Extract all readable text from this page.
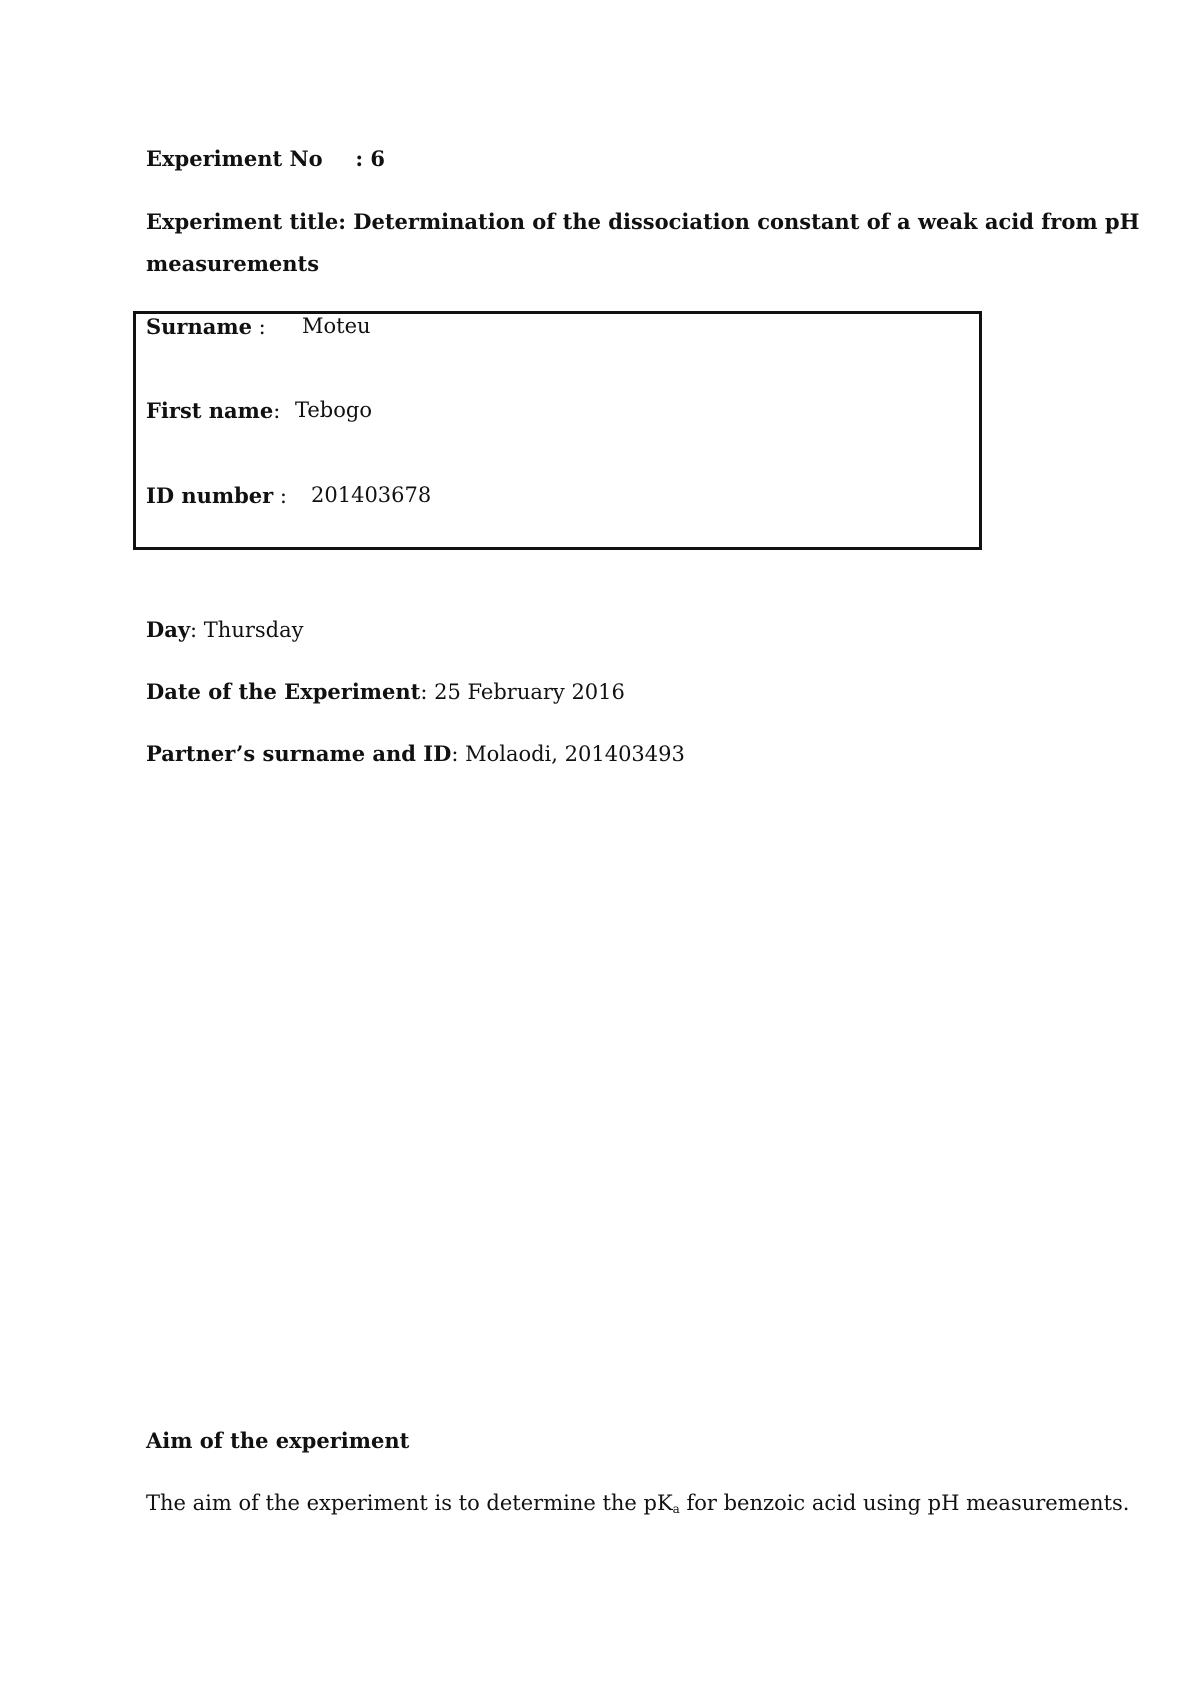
Experiment No : 6
Experiment title: Determination of the dissociation constant of a weak acid from pH
measurements
Surname : Moteu
First name: Tebogo
ID number : 201403678
Day: Thursday
Date of the Experiment: 25 February 2016
Partner’s surname and ID: Molaodi, 201403493
Aim of the experiment
The aim of the experiment is to determine the $pK_a$ for benzoic acid using pH measurements.
